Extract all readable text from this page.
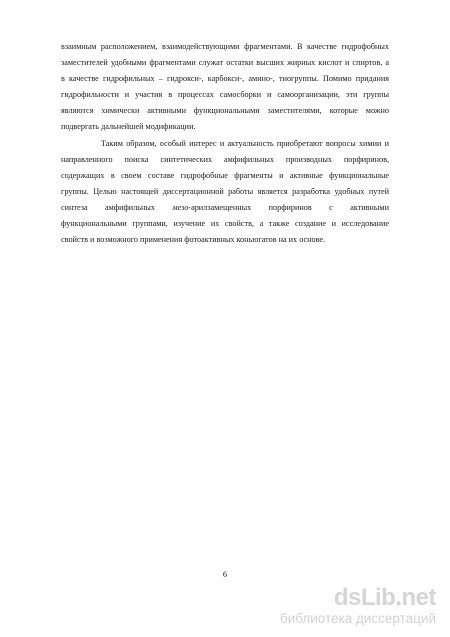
взаимным расположением, взаимодействующими фрагментами. В качестве гидрофобных
заместителей удобными фрагментами служат остатки высших жирных кислот и спиртов, а
в качестве гидрофильных – гидрокси-, карбокси-, амино-, тиогруппы. Помимо придания
гидрофильности и участия в процессах самосборки и самоорганизации, эти группы
являются химически активными функциональными заместителями, которые можно
подвергать дальнейшей модификации.
Таким образом, особый интерес и актуальность приобретают вопросы химии и
направленного поиска синтетических амфифильных производных порфиринов,
содержащих в своем составе гидрофобные фрагменты и активные функциональные
группы. Целью настоящей диссертационной работы является разработка удобных путей
синтеза амфифильных мезо-арилзамещенных порфиринов с активными
функциональными группами, изучение их свойств, а также создание и исследование
свойств и возможного применения фотоактивных коньюгатов на их основе.
6
dsLib.net
библиотека диссертаций
